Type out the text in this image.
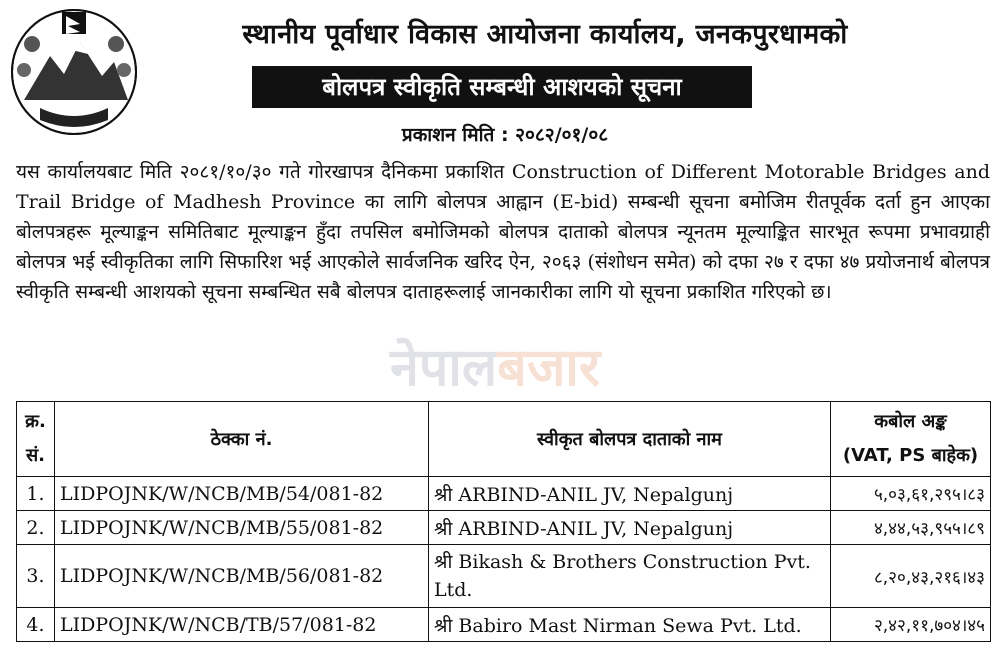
स्थानीय पूर्वाधार विकास आयोजना कार्यालय, जनकपुरधामको
बोलपत्र स्वीकृति सम्बन्धी आशयको सूचना
प्रकाशन मिति : २०८२/०१/०८
यस कार्यालयबाट मिति २०८१/१०/३० गते गोरखापत्र दैनिकमा प्रकाशित Construction of Different Motorable Bridges and Trail Bridge of Madhesh Province का लागि बोलपत्र आह्वान (E-bid) सम्बन्धी सूचना बमोजिम रीतपूर्वक दर्ता हुन आएका बोलपत्रहरू मूल्याङ्कन समितिबाट मूल्याङ्कन हुँदा तपसिल बमोजिमको बोलपत्र दाताको बोलपत्र न्यूनतम मूल्याङ्कित सारभूत रूपमा प्रभावग्राही बोलपत्र भई स्वीकृतिका लागि सिफारिश भई आएकोले सार्वजनिक खरिद ऐन, २०६३ (संशोधन समेत) को दफा २७ र दफा ४७ प्रयोजनार्थ बोलपत्र स्वीकृति सम्बन्धी आशयको सूचना सम्बन्धित सबै बोलपत्र दाताहरूलाई जानकारीका लागि यो सूचना प्रकाशित गरिएको छ।
नेपालबजार
क्र.
सं.	ठेक्का नं.	स्वीकृत बोलपत्र दाताको नाम	कबोल अङ्क
(VAT, PS बाहेक)

1.	LIDPOJNK/W/NCB/MB/54/081-82	श्री ARBIND-ANIL JV, Nepalgunj	५,०३,६१,२९५।८३
2.	LIDPOJNK/W/NCB/MB/55/081-82	श्री ARBIND-ANIL JV, Nepalgunj	४,४४,५३,९५५।८९
3.	LIDPOJNK/W/NCB/MB/56/081-82	श्री Bikash & Brothers Construction Pvt. Ltd.	८,२०,४३,२१६।४३
4.	LIDPOJNK/W/NCB/TB/57/081-82	श्री Babiro Mast Nirman Sewa Pvt. Ltd.	२,४२,११,७०४।४५
